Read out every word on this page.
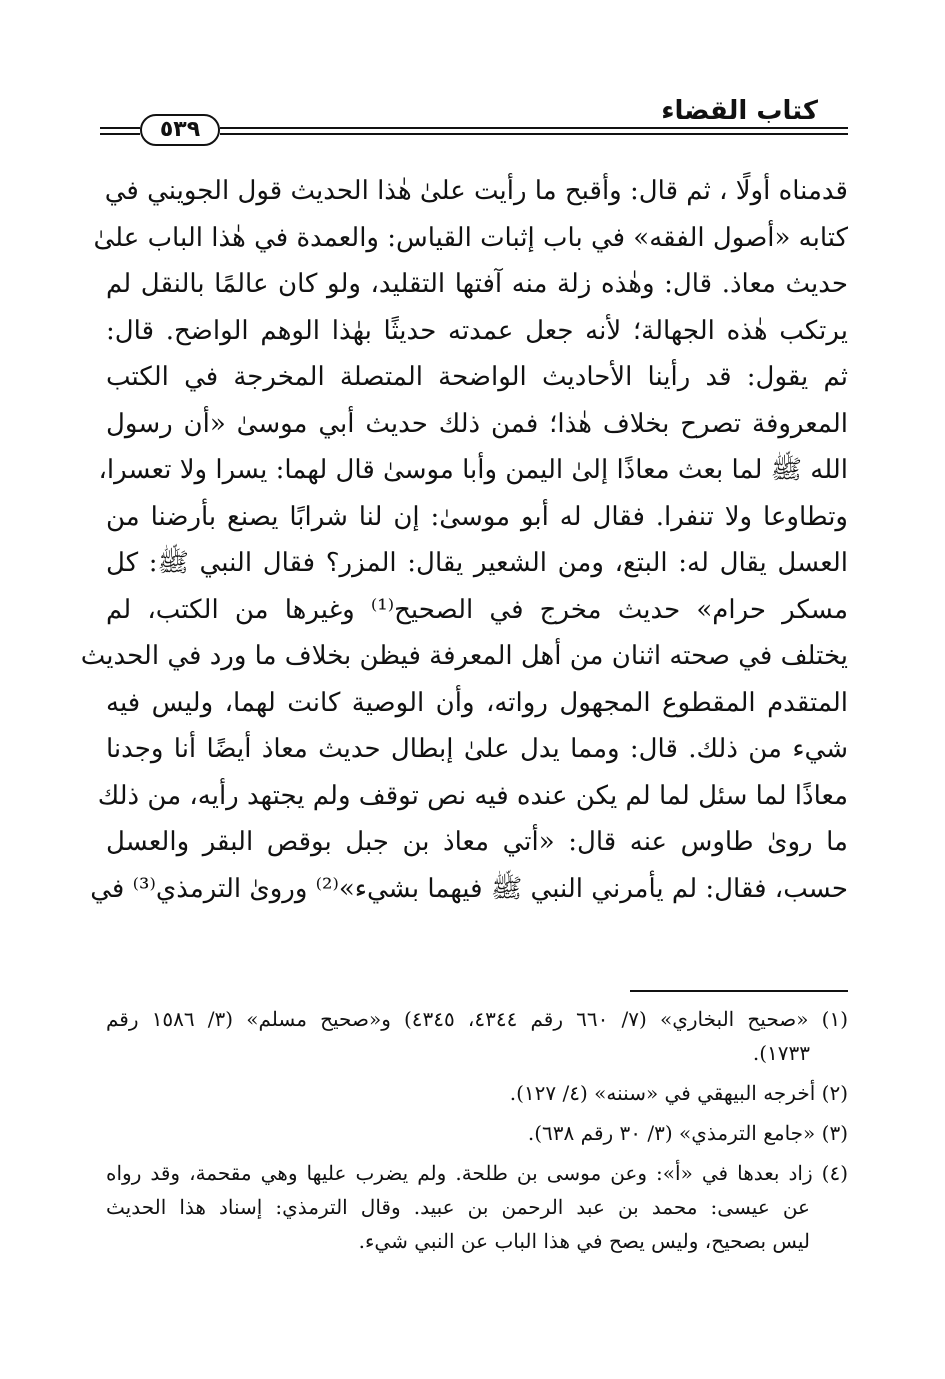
كتاب القضاء
٥٣٩
قدمناه أولًا ، ثم قال: وأقبح ما رأيت علىٰ هٰذا الحديث قول الجويني في
كتابه «أصول الفقه» في باب إثبات القياس: والعمدة في هٰذا الباب علىٰ
حديث معاذ. قال: وهٰذه زلة منه آفتها التقليد، ولو كان عالمًا بالنقل لم
يرتكب هٰذه الجهالة؛ لأنه جعل عمدته حديثًا بهٰذا الوهم الواضح. قال:
ثم يقول: قد رأينا الأحاديث الواضحة المتصلة المخرجة في الكتب
المعروفة تصرح بخلاف هٰذا؛ فمن ذلك حديث أبي موسىٰ «أن رسول
الله ﷺ لما بعث معاذًا إلىٰ اليمن وأبا موسىٰ قال لهما: يسرا ولا تعسرا،
وتطاوعا ولا تنفرا. فقال له أبو موسىٰ: إن لنا شرابًا يصنع بأرضنا من
العسل يقال له: البتع، ومن الشعير يقال: المزر؟ فقال النبي ﷺ: كل
مسكر حرام» حديث مخرج في الصحيح⁽¹⁾ وغيرها من الكتب، لم
يختلف في صحته اثنان من أهل المعرفة فيظن بخلاف ما ورد في الحديث
المتقدم المقطوع المجهول رواته، وأن الوصية كانت لهما، وليس فيه
شيء من ذلك. قال: ومما يدل علىٰ إبطال حديث معاذ أيضًا أنا وجدنا
معاذًا لما سئل لما لم يكن عنده فيه نص توقف ولم يجتهد رأيه، من ذلك
ما رویٰ طاوس عنه قال: «أتي معاذ بن جبل بوقص البقر والعسل
حسب، فقال: لم يأمرني النبي ﷺ فيهما بشيء»⁽²⁾ ورویٰ الترمذي⁽³⁾ في
(١) «صحيح البخاري» (٧/ ٦٦٠ رقم ٤٣٤٤، ٤٣٤٥) و«صحيح مسلم» (٣/ ١٥٨٦ رقم
١٧٣٣).
(٢) أخرجه البيهقي في «سننه» (٤/ ١٢٧).
(٣) «جامع الترمذي» (٣/ ٣٠ رقم ٦٣٨).
(٤) زاد بعدها في «أ»: وعن موسى بن طلحة. ولم يضرب عليها وهي مقحمة، وقد رواه
عن عيسى: محمد بن عبد الرحمن بن عبيد. وقال الترمذي: إسناد هذا الحديث
ليس بصحيح، وليس يصح في هذا الباب عن النبي شيء.
